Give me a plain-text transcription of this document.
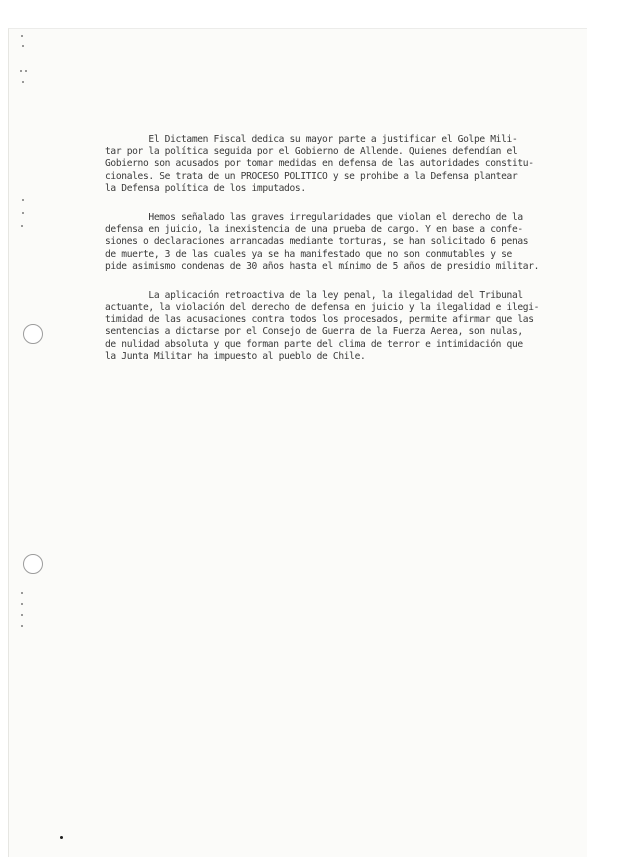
El Dictamen Fiscal dedica su mayor parte a justificar el Golpe Mili-
tar por la política seguida por el Gobierno de Allende. Quienes defendían el
Gobierno son acusados por tomar medidas en defensa de las autoridades constitu-
cionales. Se trata de un PROCESO POLITICO y se prohibe a la Defensa plantear
la Defensa política de los imputados.
Hemos señalado las graves irregularidades que violan el derecho de la
defensa en juicio, la inexistencia de una prueba de cargo. Y en base a confe-
siones o declaraciones arrancadas mediante torturas, se han solicitado 6 penas
de muerte, 3 de las cuales ya se ha manifestado que no son conmutables y se
pide asimismo condenas de 30 años hasta el mínimo de 5 años de presidio militar.
La aplicación retroactiva de la ley penal, la ilegalidad del Tribunal
actuante, la violación del derecho de defensa en juicio y la ilegalidad e ilegi-
timidad de las acusaciones contra todos los procesados, permite afirmar que las
sentencias a dictarse por el Consejo de Guerra de la Fuerza Aerea, son nulas,
de nulidad absoluta y que forman parte del clima de terror e intimidación que
la Junta Militar ha impuesto al pueblo de Chile.
